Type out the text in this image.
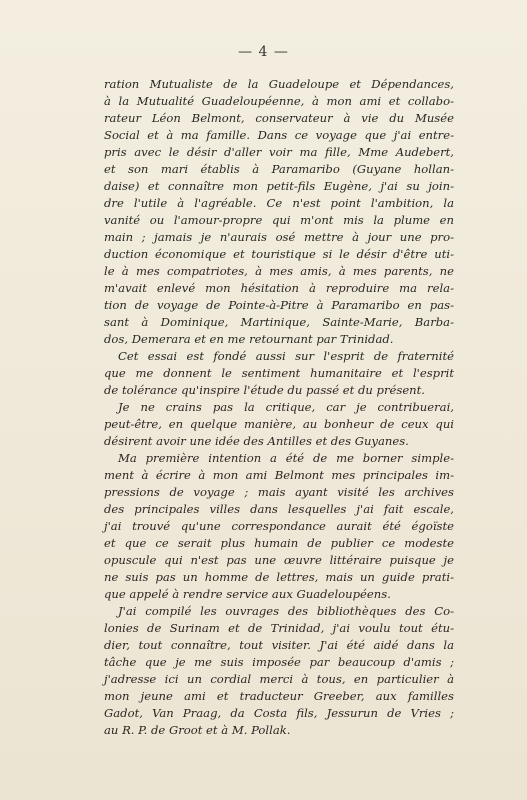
— 4 —
ration Mutualiste de la Guadeloupe et Dépendances,
à la Mutualité Guadeloupéenne, à mon ami et collabo-
rateur Léon Belmont, conservateur à vie du Musée
Social et à ma famille. Dans ce voyage que j'ai entre-
pris avec le désir d'aller voir ma fille, Mme Audebert,
et son mari établis à Paramaribo (Guyane hollan-
daise) et connaître mon petit-fils Eugène, j'ai su join-
dre l'utile à l'agréable. Ce n'est point l'ambition, la
vanité ou l'amour-propre qui m'ont mis la plume en
main ; jamais je n'aurais osé mettre à jour une pro-
duction économique et touristique si le désir d'être uti-
le à mes compatriotes, à mes amis, à mes parents, ne
m'avait enlevé mon hésitation à reproduire ma rela-
tion de voyage de Pointe-à-Pitre à Paramaribo en pas-
sant à Dominique, Martinique, Sainte-Marie, Barba-
dos, Demerara et en me retournant par Trinidad.
Cet essai est fondé aussi sur l'esprit de fraternité
que me donnent le sentiment humanitaire et l'esprit
de tolérance qu'inspire l'étude du passé et du présent.
Je ne crains pas la critique, car je contribuerai,
peut-être, en quelque manière, au bonheur de ceux qui
désirent avoir une idée des Antilles et des Guyanes.
Ma première intention a été de me borner simple-
ment à écrire à mon ami Belmont mes principales im-
pressions de voyage ; mais ayant visité les archives
des principales villes dans lesquelles j'ai fait escale,
j'ai trouvé qu'une correspondance aurait été égoïste
et que ce serait plus humain de publier ce modeste
opuscule qui n'est pas une œuvre littéraire puisque je
ne suis pas un homme de lettres, mais un guide prati-
que appelé à rendre service aux Guadeloupéens.
J'ai compilé les ouvrages des bibliothèques des Co-
lonies de Surinam et de Trinidad, j'ai voulu tout étu-
dier, tout connaître, tout visiter. J'ai été aidé dans la
tâche que je me suis imposée par beaucoup d'amis ;
j'adresse ici un cordial merci à tous, en particulier à
mon jeune ami et traducteur Greeber, aux familles
Gadot, Van Praag, da Costa fils, Jessurun de Vries ;
au R. P. de Groot et à M. Pollak.
